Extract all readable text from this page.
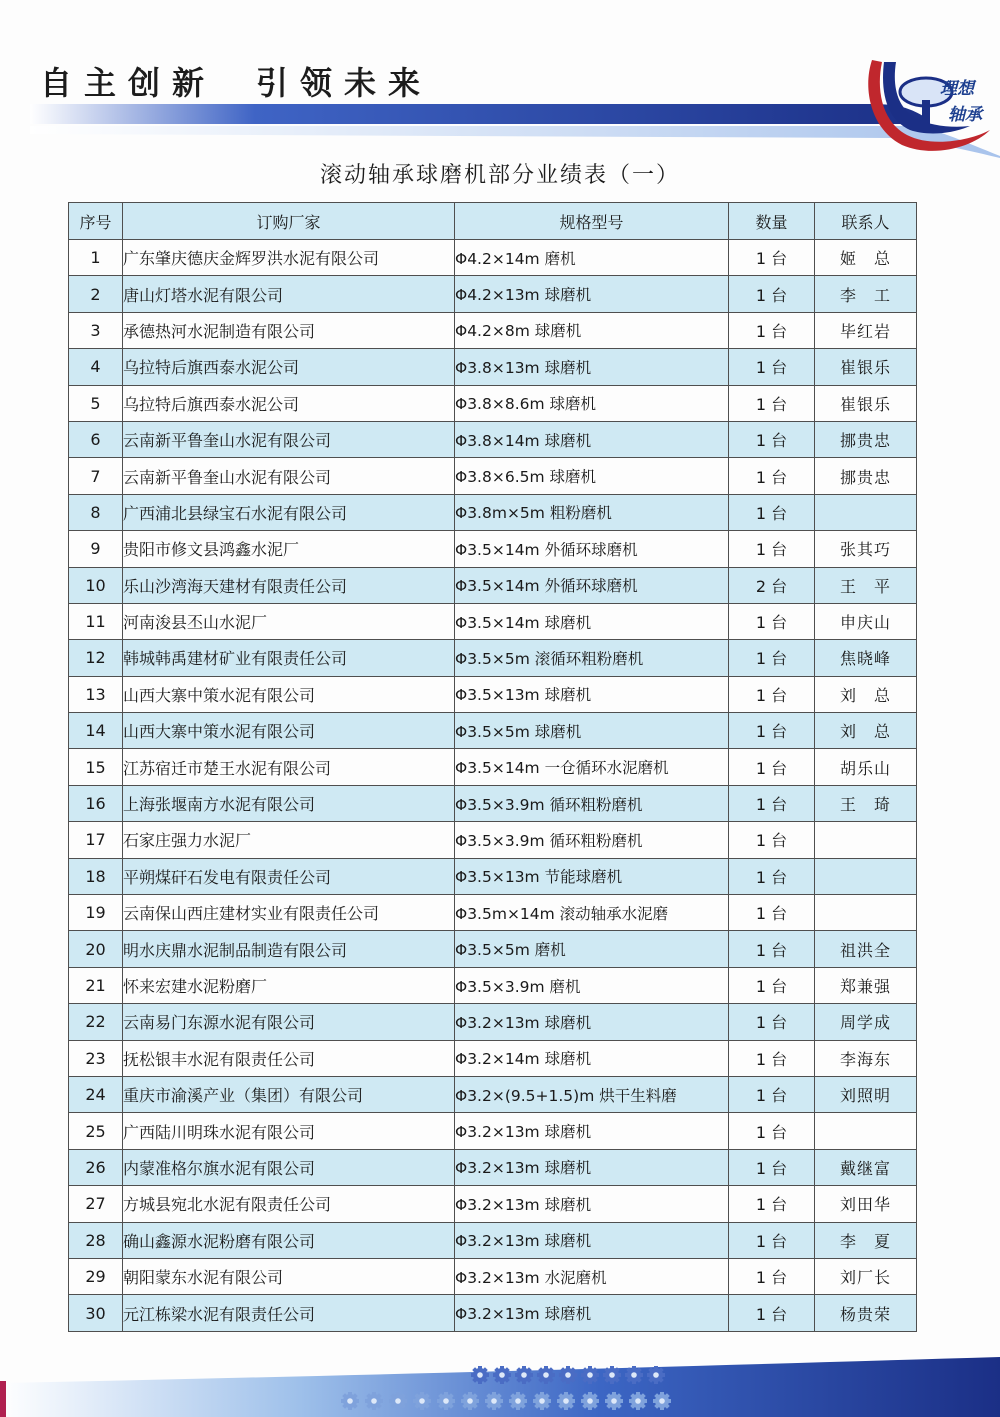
自主创新 引领未来	理想
轴承
滚动轴承球磨机部分业绩表（一）
序号	订购厂家	规格型号	数量	联系人
1	广东肇庆德庆金辉罗洪水泥有限公司	Φ4.2×14m 磨机	1 台	姬　总
2	唐山灯塔水泥有限公司	Φ4.2×13m 球磨机	1 台	李　工
3	承德热河水泥制造有限公司	Φ4.2×8m 球磨机	1 台	毕红岩
4	乌拉特后旗西泰水泥公司	Φ3.8×13m 球磨机	1 台	崔银乐
5	乌拉特后旗西泰水泥公司	Φ3.8×8.6m 球磨机	1 台	崔银乐
6	云南新平鲁奎山水泥有限公司	Φ3.8×14m 球磨机	1 台	挪贵忠
7	云南新平鲁奎山水泥有限公司	Φ3.8×6.5m 球磨机	1 台	挪贵忠
8	广西浦北县绿宝石水泥有限公司	Φ3.8m×5m 粗粉磨机	1 台	
9	贵阳市修文县鸿鑫水泥厂	Φ3.5×14m 外循环球磨机	1 台	张其巧
10	乐山沙湾海天建材有限责任公司	Φ3.5×14m 外循环球磨机	2 台	王　平
11	河南浚县丕山水泥厂	Φ3.5×14m 球磨机	1 台	申庆山
12	韩城韩禹建材矿业有限责任公司	Φ3.5×5m 滚循环粗粉磨机	1 台	焦晓峰
13	山西大寨中策水泥有限公司	Φ3.5×13m 球磨机	1 台	刘　总
14	山西大寨中策水泥有限公司	Φ3.5×5m 球磨机	1 台	刘　总
15	江苏宿迁市楚王水泥有限公司	Φ3.5×14m 一仓循环水泥磨机	1 台	胡乐山
16	上海张堰南方水泥有限公司	Φ3.5×3.9m 循环粗粉磨机	1 台	王　琦
17	石家庄强力水泥厂	Φ3.5×3.9m 循环粗粉磨机	1 台	
18	平朔煤矸石发电有限责任公司	Φ3.5×13m 节能球磨机	1 台	
19	云南保山西庄建材实业有限责任公司	Φ3.5m×14m 滚动轴承水泥磨	1 台	
20	明水庆鼎水泥制品制造有限公司	Φ3.5×5m 磨机	1 台	祖洪全
21	怀来宏建水泥粉磨厂	Φ3.5×3.9m 磨机	1 台	郑兼强
22	云南易门东源水泥有限公司	Φ3.2×13m 球磨机	1 台	周学成
23	抚松银丰水泥有限责任公司	Φ3.2×14m 球磨机	1 台	李海东
24	重庆市渝溪产业（集团）有限公司	Φ3.2×(9.5+1.5)m 烘干生料磨	1 台	刘照明
25	广西陆川明珠水泥有限公司	Φ3.2×13m 球磨机	1 台	
26	内蒙准格尔旗水泥有限公司	Φ3.2×13m 球磨机	1 台	戴继富
27	方城县宛北水泥有限责任公司	Φ3.2×13m 球磨机	1 台	刘田华
28	确山鑫源水泥粉磨有限公司	Φ3.2×13m 球磨机	1 台	李　夏
29	朝阳蒙东水泥有限公司	Φ3.2×13m 水泥磨机	1 台	刘厂长
30	元江栋梁水泥有限责任公司	Φ3.2×13m 球磨机	1 台	杨贵荣
